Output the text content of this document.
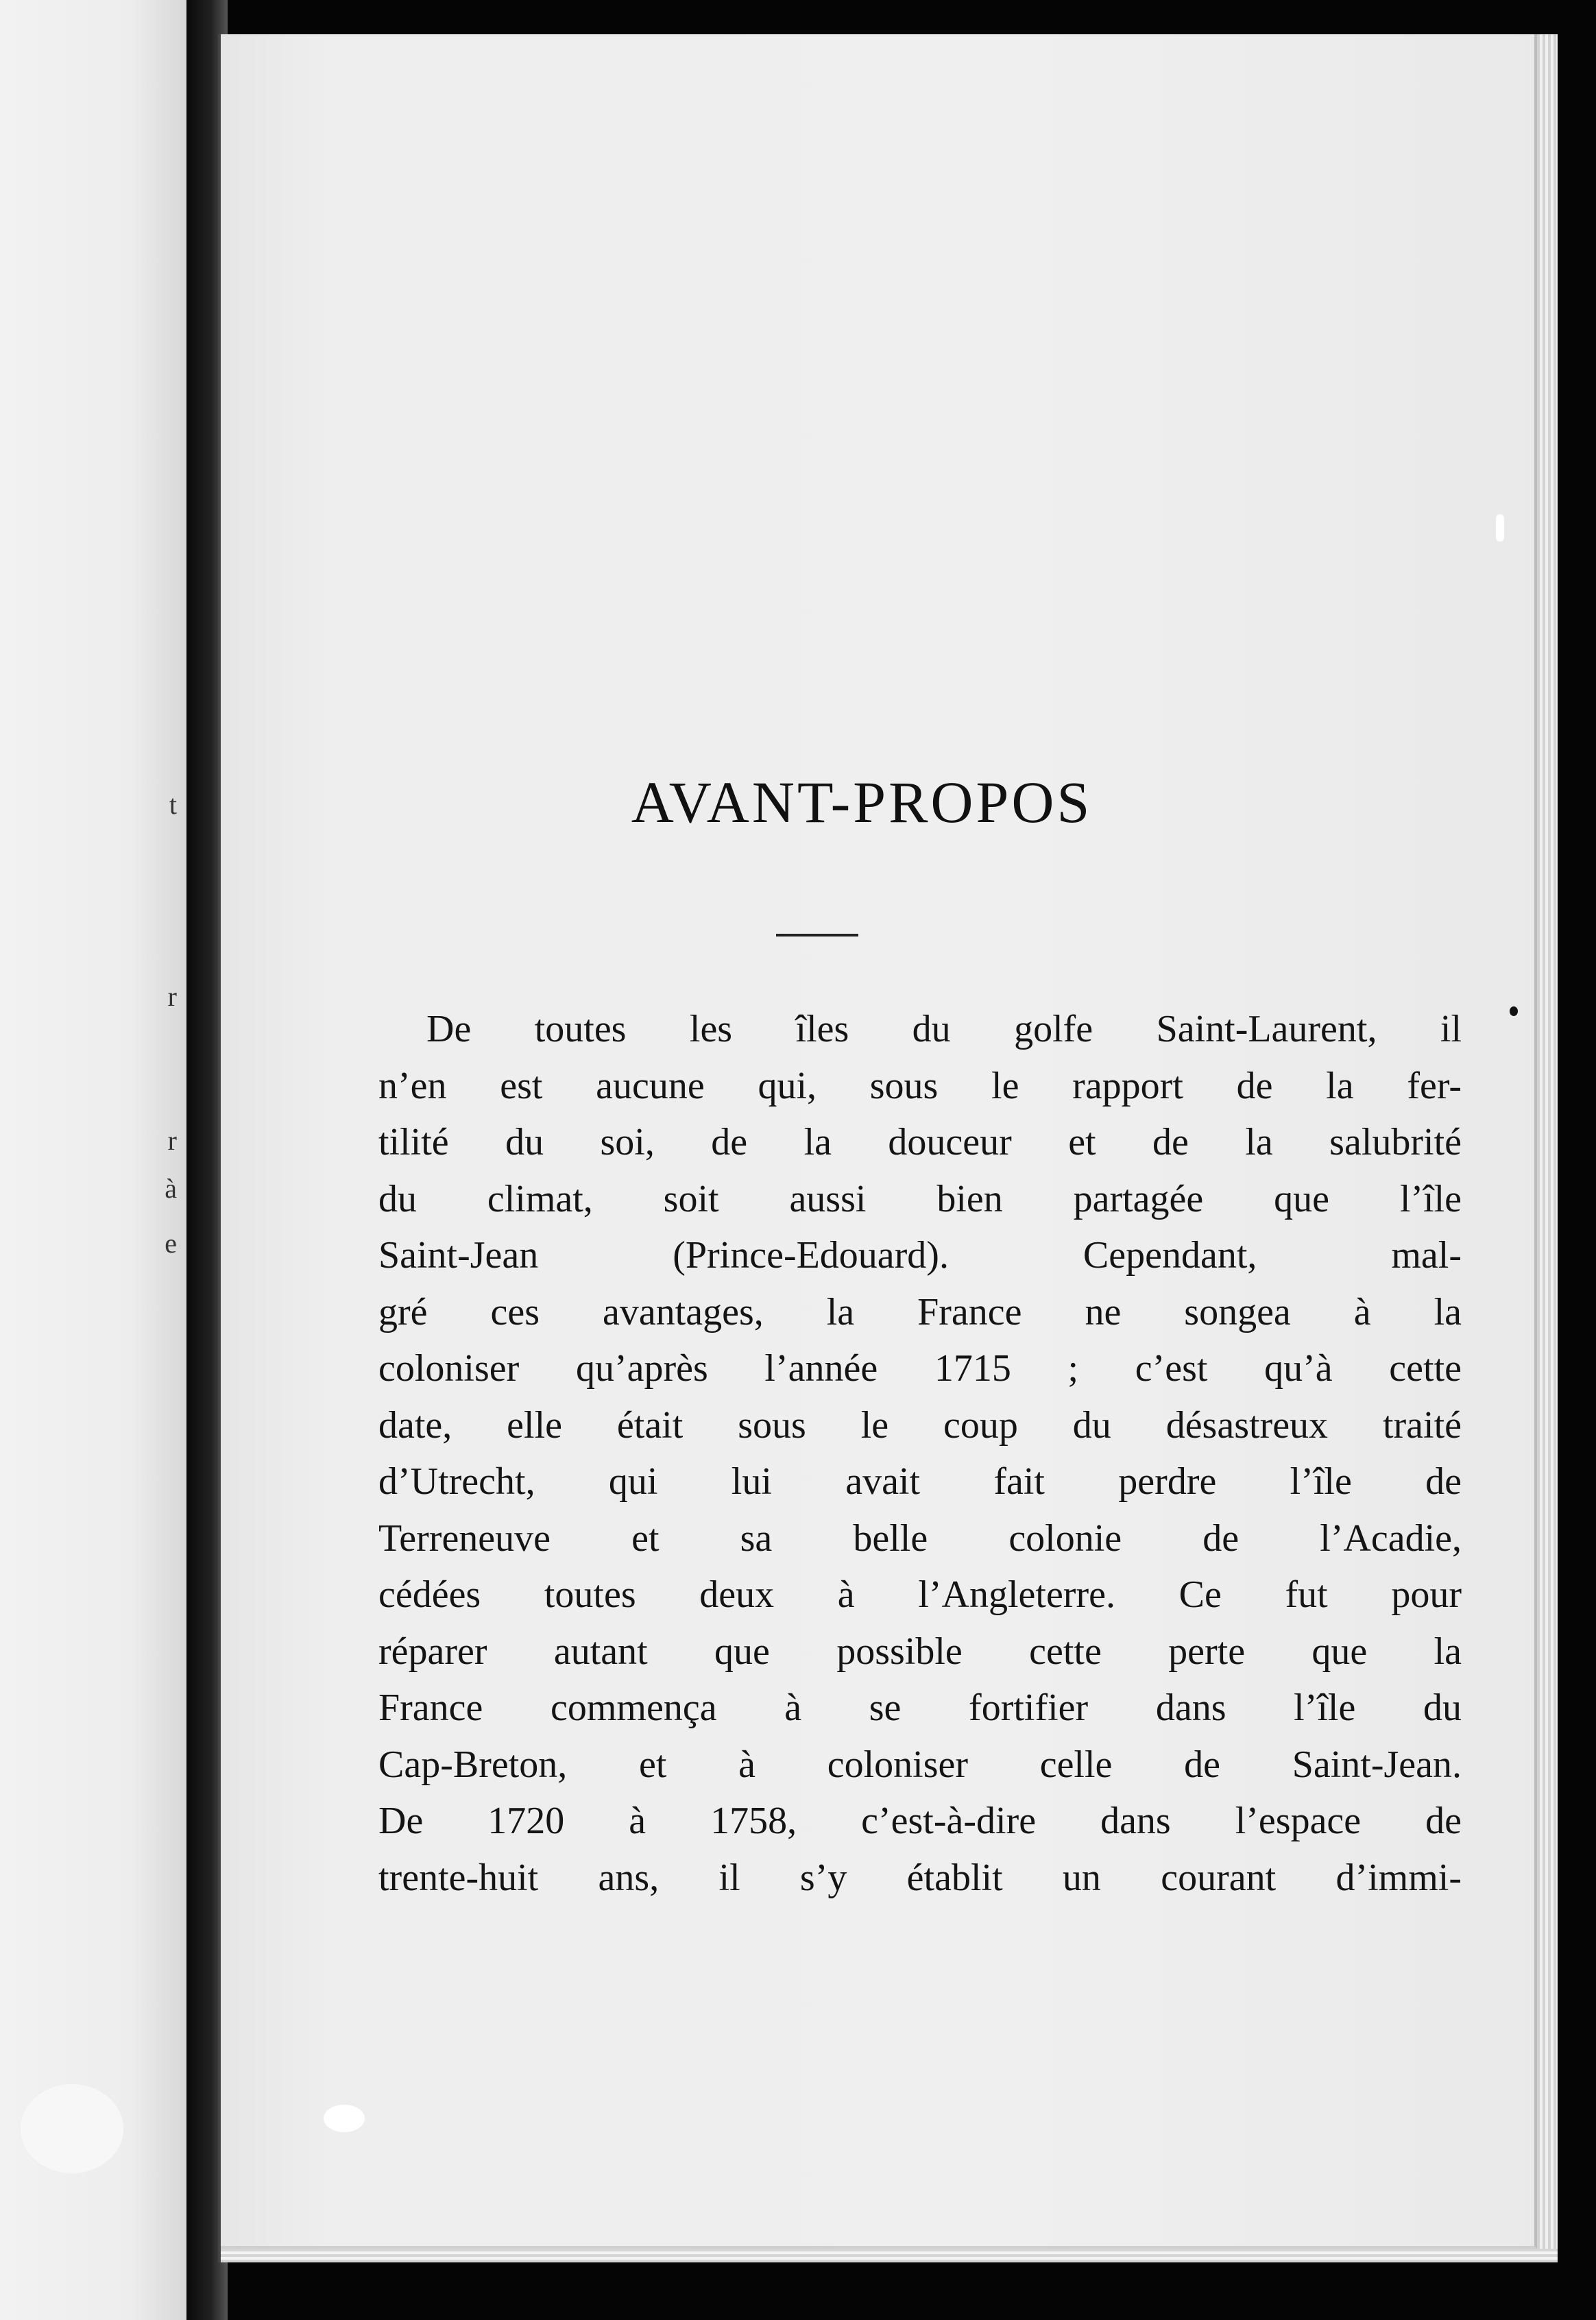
t
r
r
à
e
AVANT-PROPOS
De toutes les îles du golfe Saint-Laurent, il
n’en est aucune qui, sous le rapport de la fer-
tilité du soi, de la douceur et de la salubrité
du climat, soit aussi bien partagée que l’île
Saint-Jean (Prince-Edouard). Cependant, mal-
gré ces avantages, la France ne songea à la
coloniser qu’après l’année 1715 ; c’est qu’à cette
date, elle était sous le coup du désastreux traité
d’Utrecht, qui lui avait fait perdre l’île de
Terreneuve et sa belle colonie de l’Acadie,
cédées toutes deux à l’Angleterre. Ce fut pour
réparer autant que possible cette perte que la
France commença à se fortifier dans l’île du
Cap-Breton, et à coloniser celle de Saint-Jean.
De 1720 à 1758, c’est-à-dire dans l’espace de
trente-huit ans, il s’y établit un courant d’immi-
